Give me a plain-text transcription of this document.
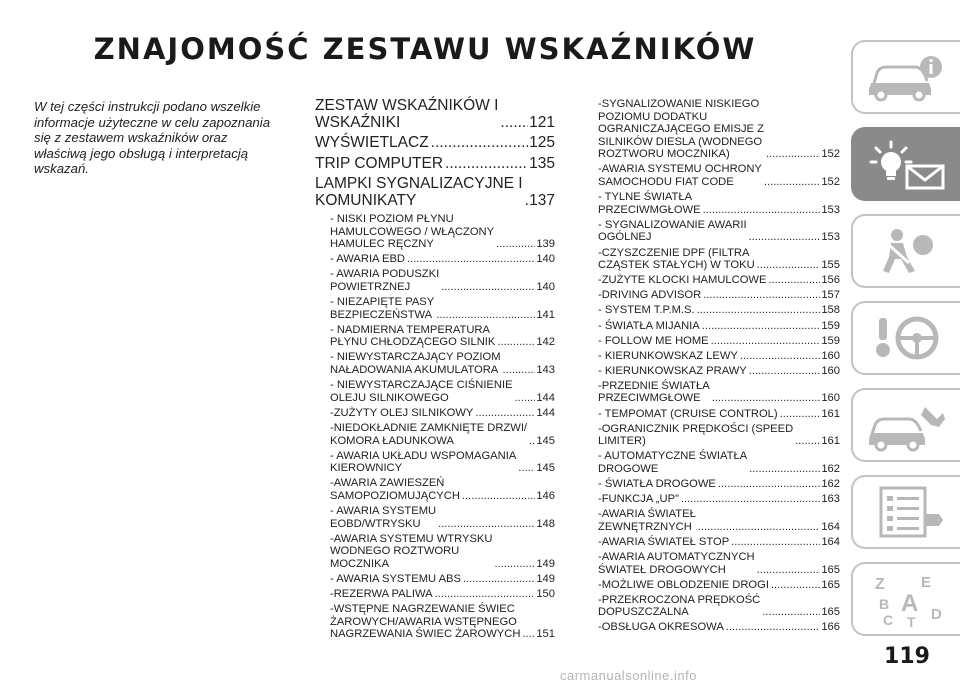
ZNAJOMOŚĆ ZESTAWU WSKAŹNIKÓW
W tej części instrukcji podano wszelkie
informacje użyteczne w celu zapoznania
się z zestawem wskaźników oraz
właściwą jego obsługą i interpretacją
wskazań.
ZESTAW WSKAŹNIKÓW I
WSKAŹNIKI .....	121
WYŚWIETLACZ .....	125
TRIP COMPUTER .....	135
LAMPKI SYGNALIZACYJNE I
KOMUNIKATY .....	137
- NISKI POZIOM PŁYNU
HAMULCOWEGO / WŁĄCZONY
HAMULEC RĘCZNY .....	139
- AWARIA EBD .....	140
- AWARIA PODUSZKI
POWIETRZNEJ .....	140
- NIEZAPIĘTE PASY
BEZPIECZEŃSTWA .....	141
- NADMIERNA TEMPERATURA
PŁYNU CHŁODZĄCEGO SILNIK .....	142
- NIEWYSTARCZAJĄCY POZIOM
NAŁADOWANIA AKUMULATORA .....	143
- NIEWYSTARCZAJĄCE CIŚNIENIE
OLEJU SILNIKOWEGO .....	144
-ZUŻYTY OLEJ SILNIKOWY .....	144
-NIEDOKŁADNIE ZAMKNIĘTE DRZWI/
KOMORA ŁADUNKOWA .....	145
- AWARIA UKŁADU WSPOMAGANIA
KIEROWNICY .....	145
-AWARIA ZAWIESZEŃ
SAMOPOZIOMUJĄCYCH .....	146
- AWARIA SYSTEMU
EOBD/WTRYSKU .....	148
-AWARIA SYSTEMU WTRYSKU
WODNEGO ROZTWORU
MOCZNIKA .....	149
- AWARIA SYSTEMU ABS .....	149
-REZERWA PALIWA .....	150
-WSTĘPNE NAGRZEWANIE ŚWIEC
ŻAROWYCH/AWARIA WSTĘPNEGO
NAGRZEWANIA ŚWIEC ŻAROWYCH ..... 151
-SYGNALIZOWANIE NISKIEGO
POZIOMU DODATKU
OGRANICZAJĄCEGO EMISJE Z
SILNIKÓW DIESLA (WODNEGO
ROZTWORU MOCZNIKA) .....	152
-AWARIA SYSTEMU OCHRONY
SAMOCHODU FIAT CODE .....	152
- TYLNE ŚWIATŁA
PRZECIWMGŁOWE .....	153
- SYGNALIZOWANIE AWARII
OGÓLNEJ .....	153
-CZYSZCZENIE DPF (FILTRA
CZĄSTEK STAŁYCH) W TOKU .....	155
-ZUŻYTE KLOCKI HAMULCOWE .....	156
-DRIVING ADVISOR .....	157
- SYSTEM T.P.M.S. .....	158
- ŚWIATŁA MIJANIA .....	159
- FOLLOW ME HOME .....	159
- KIERUNKOWSKAZ LEWY .....	160
- KIERUNKOWSKAZ PRAWY .....	160
-PRZEDNIE ŚWIATŁA
PRZECIWMGŁOWE .....	160
- TEMPOMAT (CRUISE CONTROL) .....	161
-OGRANICZNIK PRĘDKOŚCI (SPEED
LIMITER) .....	161
- AUTOMATYCZNE ŚWIATŁA
DROGOWE .....	162
- ŚWIATŁA DROGOWE .....	162
-FUNKCJA „UP” .....	163
-AWARIA ŚWIATEŁ
ZEWNĘTRZNYCH .....	164
-AWARIA ŚWIATEŁ STOP .....	164
-AWARIA AUTOMATYCZNYCH
ŚWIATEŁ DROGOWYCH .....	165
-MOŻLIWE OBLODZENIE DROGI .....	165
-PRZEKROCZONA PRĘDKOŚĆ
DOPUSZCZALNA .....	165
-OBSŁUGA OKRESOWA .....	166
Z E
B A
C T D
119
carmanualsonline.info
